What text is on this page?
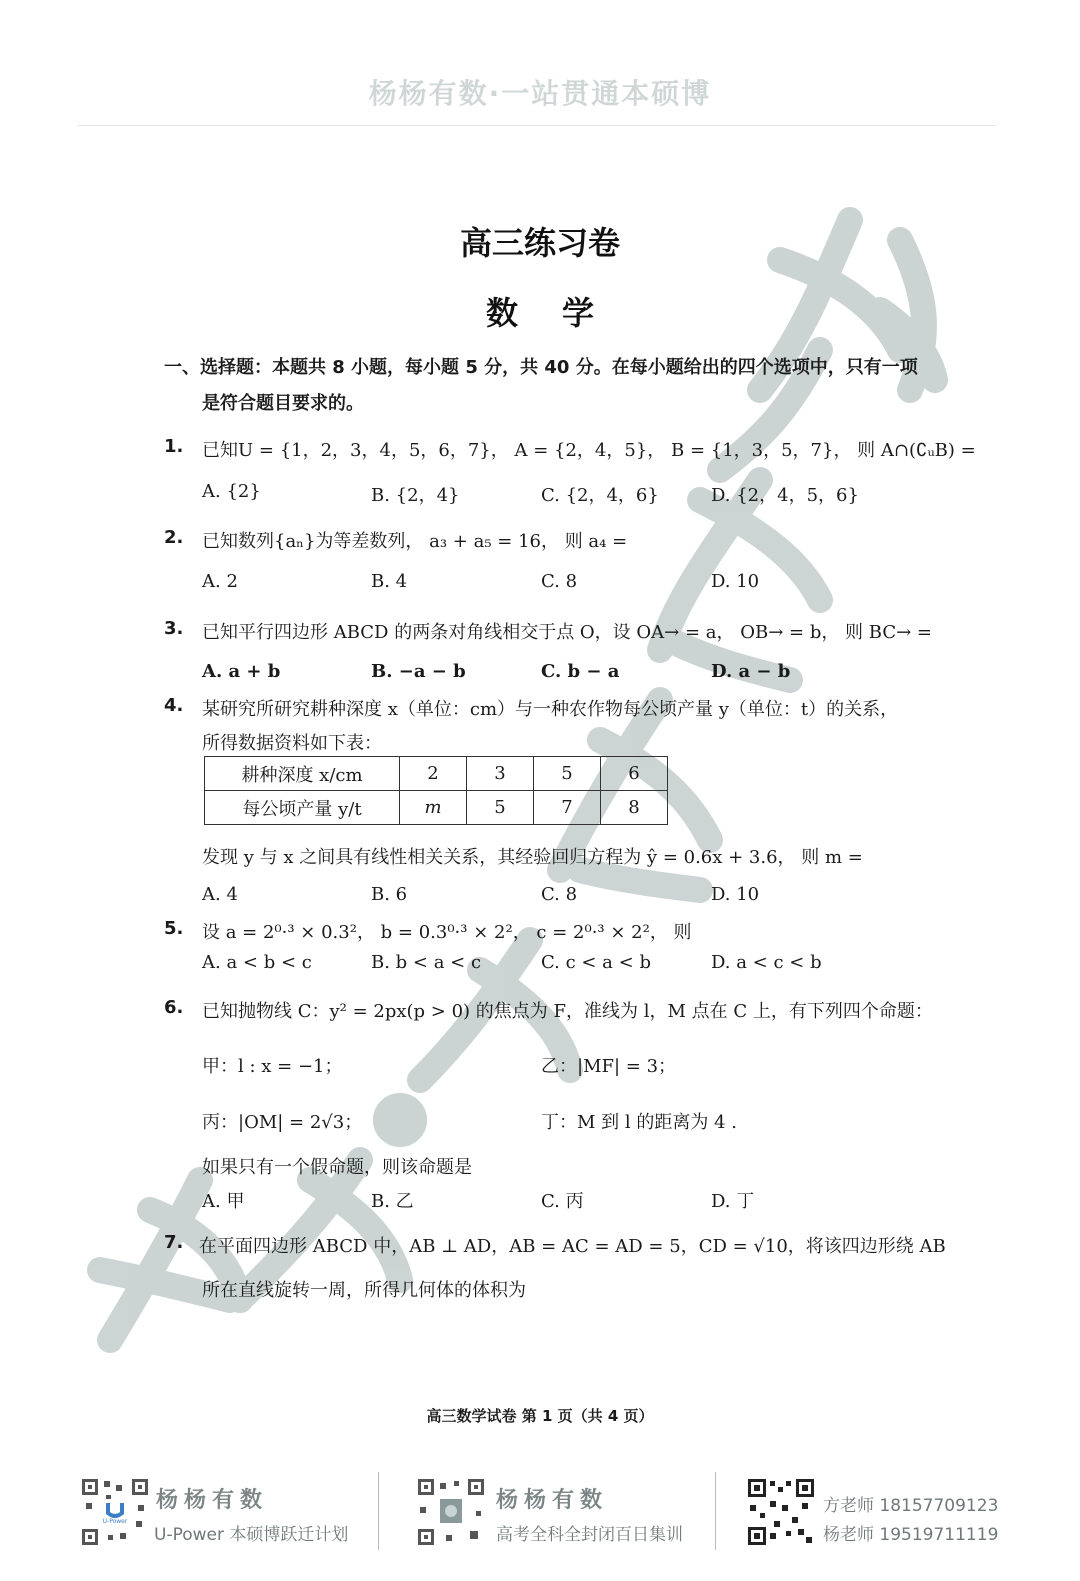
杨杨有数·一站贯通本硕博
高三练习卷
数学
一、选择题：本题共 8 小题，每小题 5 分，共 40 分。在每小题给出的四个选项中，只有一项
是符合题目要求的。
1. 已知U = {1，2，3，4，5，6，7}， A = {2，4，5}， B = {1，3，5，7}， 则 A∩(∁ᵤB) =
A. {2}	B. {2，4}	C. {2，4，6}	D. {2，4，5，6}
2. 已知数列{aₙ}为等差数列， a₃ + a₅ = 16， 则 a₄ =
A. 2	B. 4	C. 8	D. 10
3. 已知平行四边形 ABCD 的两条对角线相交于点 O，设 OA→ = a， OB→ = b， 则 BC→ =
A. a + b	B. −a − b	C. b − a	D. a − b
4. 某研究所研究耕种深度 x（单位：cm）与一种农作物每公顷产量 y（单位：t）的关系，
所得数据资料如下表：
耕种深度 x/cm	2	3	5	6
每公顷产量 y/t	m	5	7	8
发现 y 与 x 之间具有线性相关关系，其经验回归方程为 ŷ = 0.6x + 3.6， 则 m =
A. 4	B. 6	C. 8	D. 10
5. 设 a = 2⁰·³ × 0.3²， b = 0.3⁰·³ × 2²， c = 2⁰·³ × 2²， 则
A. a < b < c	B. b < a < c	C. c < a < b	D. a < c < b
6. 已知抛物线 C：y² = 2px(p > 0) 的焦点为 F，准线为 l，M 点在 C 上，有下列四个命题：
甲：l : x = −1；	乙：|MF| = 3；
丙：|OM| = 2√3；	丁：M 到 l 的距离为 4 .
如果只有一个假命题，则该命题是
A. 甲	B. 乙	C. 丙	D. 丁
7. 在平面四边形 ABCD 中，AB ⊥ AD，AB = AC = AD = 5，CD = √10，将该四边形绕 AB
所在直线旋转一周，所得几何体的体积为
高三数学试卷 第 1 页（共 4 页）
U-Power
杨杨有数
U-Power 本硕博跃迁计划
杨杨有数
高考全科全封闭百日集训
方老师 18157709123
杨老师 19519711119
